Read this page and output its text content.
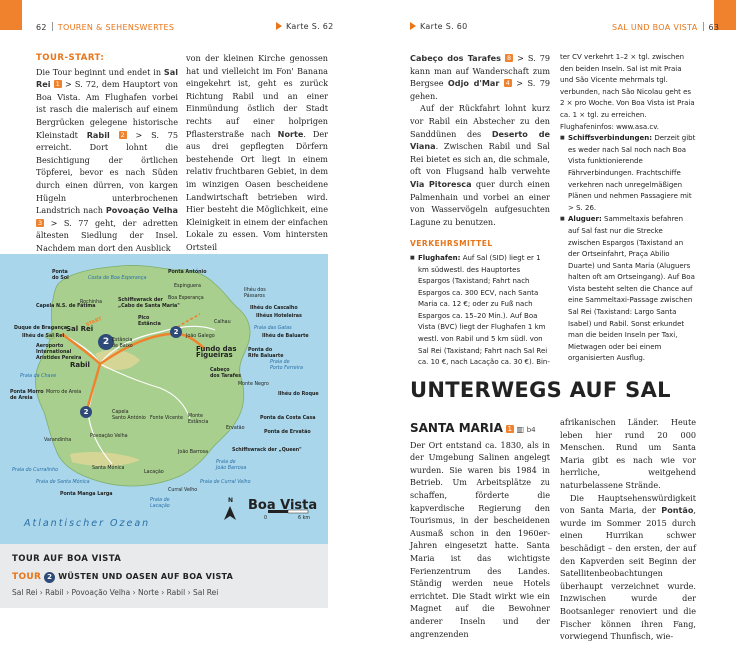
62 TOUREN & SEHENSWERTES	Karte S. 62
TOUR-START:
Die Tour beginnt und endet in Sal Rei 1 > S. 72, dem Hauptort von Boa Vista. Am Flughafen vorbei ist rasch die malerisch auf einem Bergrücken gelegene historische Kleinstadt Rabil 2 > S. 75 erreicht. Dort lohnt die Besichtigung der örtlichen Töpferei, bevor es nach Süden durch einen dürren, von kargen Hügeln unterbrochenen Landstrich nach Povoação Velha 3 > S. 77 geht, der adretten ältesten Siedlung der Insel. Nachdem man dort den Ausblick
von der kleinen Kirche genossen hat und vielleicht im Fon' Banana eingekehrt ist, geht es zurück Richtung Rabil und an einer Einmündung östlich der Stadt rechts auf einer holprigen Pflasterstraße nach Norte. Der aus drei gepflegten Dörfern bestehende Ort liegt in einem relativ fruchtbaren Gebiet, in dem im winzigen Oasen bescheidene Landwirtschaft betrieben wird. Hier besteht die Möglichkeit, eine Kleinigkeit in einem der einfachen Lokale zu essen. Vom hintersten Ortsteil
2
2
2
Ponta
do Sol	Costa de Boa Esperança
Ponta António
Espinguera
Ilhéu dos
Pássaros
Capela N.S. de Fátima
Rochinha	Schiffswrack der
„Cabo de Santa Maria"
Boa Esperança
Ilhéu do Cascalho
Ilhéus Hoteleiras
Duque de Bragança
Ilhéu de Sal Rei
Sal Rei
Pico
Estância
Praia das Gatas
Ilhéu de Baluarte
Calhau
João Galego
Fundo das
Figueiras
Ponta do
Rife Baluarte
Praia de
Porto Ferreira
Aeroporto
International
Aristides Pereira
Estância
de Baixo
Rabil
Cabeço
dos Tarafes
Monte Negro
Praia da Chave
Ilhéu do Roque
Morro de Areia
Ponta Morro
de Areia
Capela
Santo António	Monte
Estância
Ponta da Costa Casa
Varandinha
Povoação Velha
Fonte Vicente
Ervatão
Ponta de Ervatão
João Barrosa	Schiffswrack der „Queen"
Praia do Curralinho	Santa Mónica
Praia de Santa Mónica
Lacação
Praia de
João Barrosa
Praia de Curral Velho
Ponta Manga Larga
Curral Velho
Praia de
Lacação
START
Boa Vista
Atlantischer Ozean	0	6 km
N
TOUR AUF BOA VISTA
TOUR 2 WÜSTEN UND OASEN AUF BOA VISTA
Sal Rei › Rabil › Povoação Velha › Norte › Rabil › Sal Rei
Karte S. 60	SAL UND BOA VISTA 63
Cabeço dos Tarafes 8 > S. 79 kann man auf Wanderschaft zum Bergsee Odjo d'Mar 4 > S. 79 gehen.
Auf der Rückfahrt lohnt kurz vor Rabil ein Abstecher zu den Sanddünen des Deserto de Viana. Zwischen Rabil und Sal Rei bietet es sich an, die schmale, oft von Flugsand halb verwehte Via Pitoresca quer durch einen Palmenhain und vorbei an einer von Wasservögeln aufgesuchten Lagune zu benutzen.
VERKEHRSMITTEL
■ Flughafen: Auf Sal (SID) liegt er 1 km südwestl. des Hauptortes Espargos (Taxistand; Fahrt nach Espargos ca. 300 ECV, nach Santa Maria ca. 12 €; oder zu Fuß nach Espargos ca. 15–20 Min.). Auf Boa Vista (BVC) liegt der Flughafen 1 km westl. von Rabil und 5 km südl. von Sal Rei (Taxistand; Fahrt nach Sal Rei ca. 10 €, nach Lacação ca. 30 €). Bin-
ter CV verkehrt 1–2 × tgl. zwischen den beiden Inseln. Sal ist mit Praia und São Vicente mehrmals tgl. verbunden, nach São Nicolau geht es 2 × pro Woche. Von Boa Vista ist Praia ca. 1 × tgl. zu erreichen. Flughafeninfos: www.asa.cv.
■ Schiffsverbindungen: Derzeit gibt es weder nach Sal noch nach Boa Vista funktionierende Fährverbindungen. Frachtschiffe verkehren nach unregelmäßigen Plänen und nehmen Passagiere mit > S. 26.
■ Aluguer: Sammeltaxis befahren auf Sal fast nur die Strecke zwischen Espargos (Taxistand an der Ortseinfahrt, Praça Abilio Duarte) und Santa Maria (Aluguers halten oft am Ortseingang). Auf Boa Vista besteht selten die Chance auf eine Sammeltaxi-Passage zwischen Sal Rei (Taxistand: Largo Santa Isabel) und Rabil. Sonst erkundet man die beiden Inseln per Taxi, Mietwagen oder bei einem organisierten Ausflug.
UNTERWEGS AUF SAL
SANTA MARIA 1 ▥ b4
Der Ort entstand ca. 1830, als in der Umgebung Salinen angelegt wurden. Sie waren bis 1984 in Betrieb. Um Arbeitsplätze zu schaffen, förderte die kapverdische Regierung den Tourismus, in der bescheidenen Ausmaß schon in den 1960er-Jahren eingesetzt hatte. Santa Maria ist das wichtigste Ferienzentrum des Landes. Ständig werden neue Hotels errichtet. Die Stadt wirkt wie ein Magnet auf die Bewohner anderer Inseln und der angrenzenden
afrikanischen Länder. Heute leben hier rund 20 000 Menschen. Rund um Santa Maria gibt es nach wie vor herrliche, weitgehend naturbelassene Strände.
Die Hauptsehenswürdigkeit von Santa Maria, der Pontão, wurde im Sommer 2015 durch einen Hurrikan schwer beschädigt – den ersten, der auf den Kapverden seit Beginn der Satellitenbeobachtungen überhaupt verzeichnet wurde. Inzwischen wurde der Bootsanleger renoviert und die Fischer können ihren Fang, vorwiegend Thunfisch, wie-
